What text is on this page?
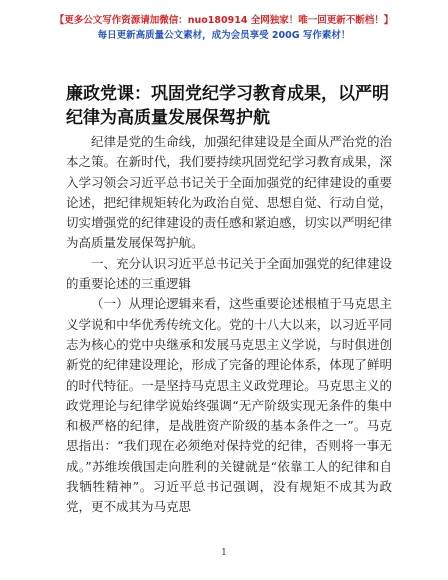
【更多公文写作资源请加微信：nuo180914 全网独家！唯一回更新不断档！】
每日更新高质量公文素材，成为会员享受 200G 写作素材！
廉政党课：巩固党纪学习教育成果，以严明纪律为高质量发展保驾护航

纪律是党的生命线，加强纪律建设是全面从严治党的治本之策。在新时代，我们要持续巩固党纪学习教育成果，深入学习领会习近平总书记关于全面加强党的纪律建设的重要论述，把纪律规矩转化为政治自觉、思想自觉、行动自觉，切实增强党的纪律建设的责任感和紧迫感，切实以严明纪律为高质量发展保驾护航。

一、充分认识习近平总书记关于全面加强党的纪律建设的重要论述的三重逻辑

（一）从理论逻辑来看，这些重要论述根植于马克思主义学说和中华优秀传统文化。党的十八大以来，以习近平同志为核心的党中央继承和发展马克思主义学说，与时俱进创新党的纪律建设理论，形成了完备的理论体系，体现了鲜明的时代特征。一是坚持马克思主义政党理论。马克思主义的政党理论与纪律学说始终强调“无产阶级实现无条件的集中和极严格的纪律，是战胜资产阶级的基本条件之一”。马克思指出：“我们现在必须绝对保持党的纪律，否则将一事无成。”苏维埃俄国走向胜利的关键就是“依靠工人的纪律和自我牺牲精神”。习近平总书记强调，没有规矩不成其为政党，更不成其为马克思

1
